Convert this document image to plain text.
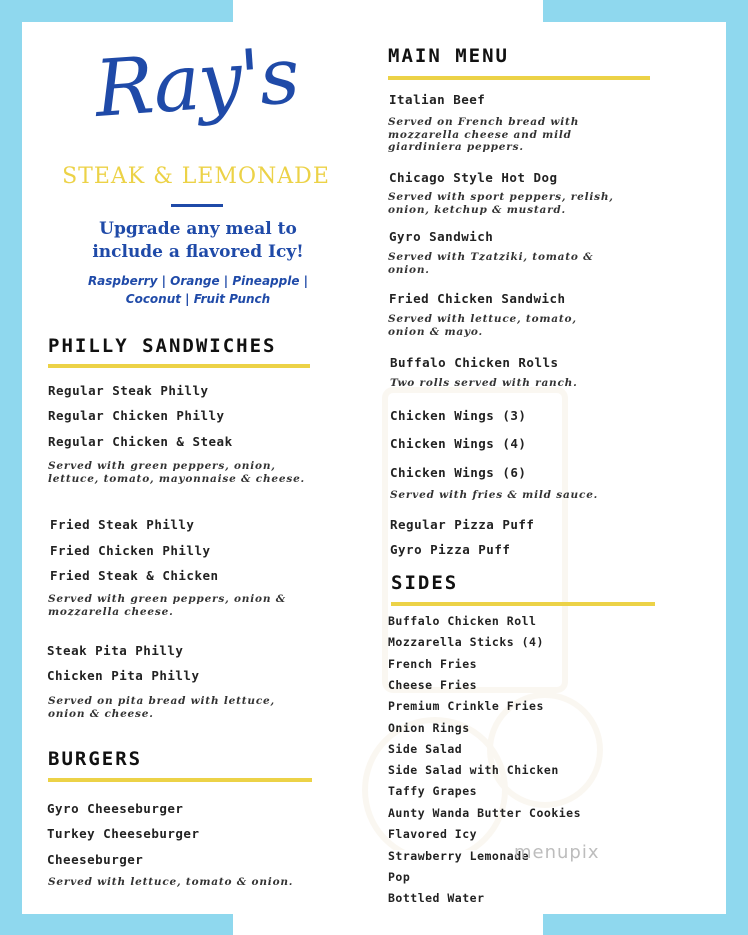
Ray's
STEAK & LEMONADE
Upgrade any meal to
include a flavored Icy!
Raspberry | Orange | Pineapple |
Coconut | Fruit Punch
PHILLY SANDWICHES
Regular Steak Philly
Regular Chicken Philly
Regular Chicken & Steak
Served with green peppers, onion,
lettuce, tomato, mayonnaise & cheese.
Fried Steak Philly
Fried Chicken Philly
Fried Steak & Chicken
Served with green peppers, onion &
mozzarella cheese.
Steak Pita Philly
Chicken Pita Philly
Served on pita bread with lettuce,
onion & cheese.
BURGERS
Gyro Cheeseburger
Turkey Cheeseburger
Cheeseburger
Served with lettuce, tomato & onion.
MAIN MENU
Italian Beef
Served on French bread with
mozzarella cheese and mild
giardiniera peppers.
Chicago Style Hot Dog
Served with sport peppers, relish,
onion, ketchup & mustard.
Gyro Sandwich
Served with Tzatziki, tomato &
onion.
Fried Chicken Sandwich
Served with lettuce, tomato,
onion & mayo.
Buffalo Chicken Rolls
Two rolls served with ranch.
Chicken Wings (3)
Chicken Wings (4)
Chicken Wings (6)
Served with fries & mild sauce.
Regular Pizza Puff
Gyro Pizza Puff
SIDES
Buffalo Chicken Roll
Mozzarella Sticks (4)
French Fries
Cheese Fries
Premium Crinkle Fries
Onion Rings
Side Salad
Side Salad with Chicken
Taffy Grapes
Aunty Wanda Butter Cookies
Flavored Icy
Strawberry Lemonade
Pop
Bottled Water
menupix
